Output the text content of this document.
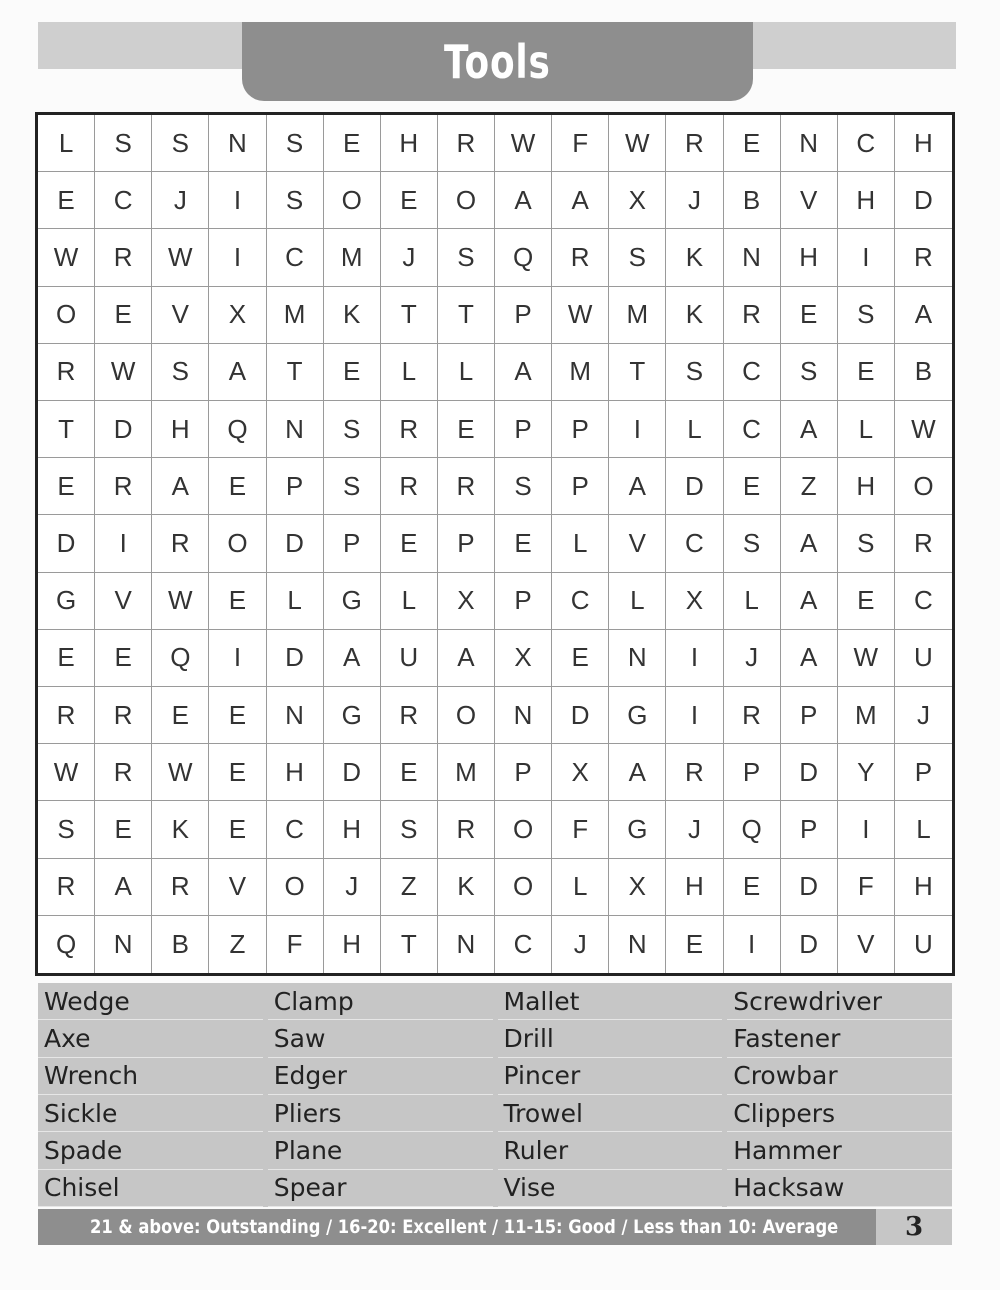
Tools
L	S	S	N	S	E	H	R	W	F	W	R	E	N	C	H
E	C	J	I	S	O	E	O	A	A	X	J	B	V	H	D
W	R	W	I	C	M	J	S	Q	R	S	K	N	H	I	R
O	E	V	X	M	K	T	T	P	W	M	K	R	E	S	A
R	W	S	A	T	E	L	L	A	M	T	S	C	S	E	B
T	D	H	Q	N	S	R	E	P	P	I	L	C	A	L	W
E	R	A	E	P	S	R	R	S	P	A	D	E	Z	H	O
D	I	R	O	D	P	E	P	E	L	V	C	S	A	S	R
G	V	W	E	L	G	L	X	P	C	L	X	L	A	E	C
E	E	Q	I	D	A	U	A	X	E	N	I	J	A	W	U
R	R	E	E	N	G	R	O	N	D	G	I	R	P	M	J
W	R	W	E	H	D	E	M	P	X	A	R	P	D	Y	P
S	E	K	E	C	H	S	R	O	F	G	J	Q	P	I	L
R	A	R	V	O	J	Z	K	O	L	X	H	E	D	F	H
Q	N	B	Z	F	H	T	N	C	J	N	E	I	D	V	U
Wedge	Clamp	Mallet	Screwdriver
Axe	Saw	Drill	Fastener
Wrench	Edger	Pincer	Crowbar
Sickle	Pliers	Trowel	Clippers
Spade	Plane	Ruler	Hammer
Chisel	Spear	Vise	Hacksaw
21 & above: Outstanding / 16-20: Excellent / 11-15: Good / Less than 10: Average	3
